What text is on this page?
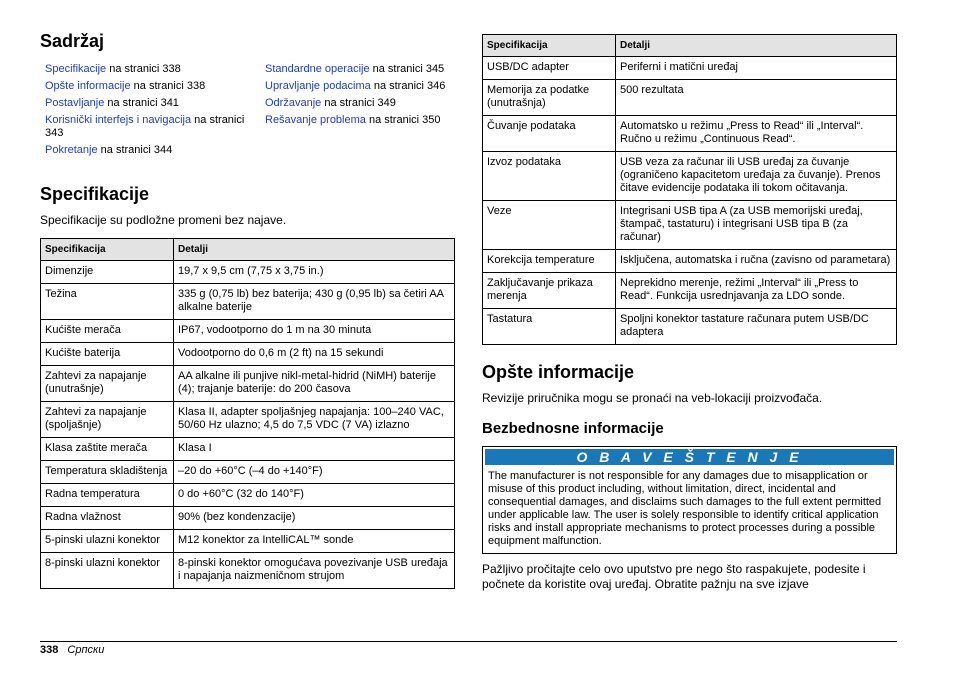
Sadržaj
Specifikacije na stranici 338
Opšte informacije na stranici 338
Postavljanje na stranici 341
Korisnički interfejs i navigacija na stranici 343
Pokretanje na stranici 344
Standardne operacije na stranici 345
Upravljanje podacima na stranici 346
Održavanje na stranici 349
Rešavanje problema na stranici 350
Specifikacije

Specifikacije su podložne promeni bez najave.

Specifikacija	Detalji
Dimenzije	19,7 x 9,5 cm (7,75 x 3,75 in.)
Težina	335 g (0,75 lb) bez baterija; 430 g (0,95 lb) sa četiri AA alkalne baterije
Kućište merača	IP67, vodootporno do 1 m na 30 minuta
Kućište baterija	Vodootporno do 0,6 m (2 ft) na 15 sekundi
Zahtevi za napajanje (unutrašnje)	AA alkalne ili punjive nikl-metal-hidrid (NiMH) baterije (4); trajanje baterije: do 200 časova
Zahtevi za napajanje (spoljašnje)	Klasa II, adapter spoljašnjeg napajanja: 100–240 VAC, 50/60 Hz ulazno; 4,5 do 7,5 VDC (7 VA) izlazno
Klasa zaštite merača	Klasa I
Temperatura skladištenja	–20 do +60°C (–4 do +140°F)
Radna temperatura	0 do +60°C (32 do 140°F)
Radna vlažnost	90% (bez kondenzacije)
5-pinski ulazni konektor	M12 konektor za IntelliCAL™ sonde
8-pinski ulazni konektor	8-pinski konektor omogućava povezivanje USB uređaja i napajanja naizmeničnom strujom
Specifikacija	Detalji
USB/DC adapter	Periferni i matični uređaj
Memorija za podatke (unutrašnja)	500 rezultata
Čuvanje podataka	Automatsko u režimu „Press to Read“ ili „Interval“. Ručno u režimu „Continuous Read“.
Izvoz podataka	USB veza za računar ili USB uređaj za čuvanje (ograničeno kapacitetom uređaja za čuvanje). Prenos čitave evidencije podataka ili tokom očitavanja.
Veze	Integrisani USB tipa A (za USB memorijski uređaj, štampač, tastaturu) i integrisani USB tipa B (za računar)
Korekcija temperature	Isključena, automatska i ručna (zavisno od parametara)
Zaključavanje prikaza merenja	Neprekidno merenje, režimi „Interval“ ili „Press to Read“. Funkcija usrednjavanja za LDO sonde.
Tastatura	Spoljni konektor tastature računara putem USB/DC adaptera
Opšte informacije

Revizije priručnika mogu se pronaći na veb-lokaciji proizvođača.

Bezbednosne informacije
O B A V E Š T E N J E
The manufacturer is not responsible for any damages due to misapplication or misuse of this product including, without limitation, direct, incidental and consequential damages, and disclaims such damages to the full extent permitted under applicable law. The user is solely responsible to identify critical application risks and install appropriate mechanisms to protect processes during a possible equipment malfunction.

Pažljivo pročitajte celo ovo uputstvo pre nego što raspakujete, podesite i počnete da koristite ovaj uređaj. Obratite pažnju na sve izjave

338 Српски
